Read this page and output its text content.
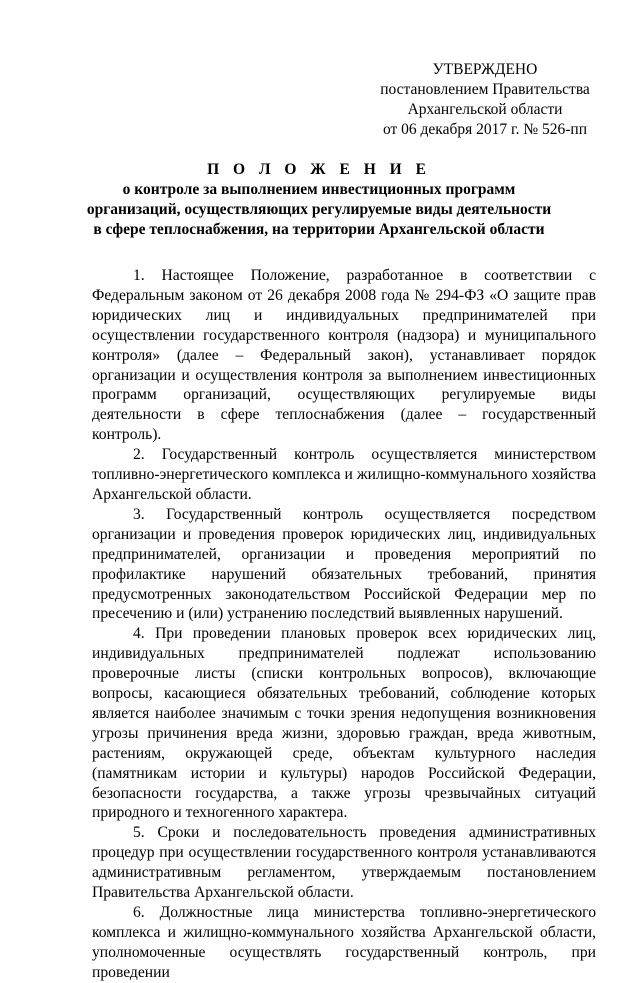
УТВЕРЖДЕНО
постановлением Правительства
Архангельской области
от 06 декабря 2017 г. № 526-пп
П О Л О Ж Е Н И Е
о контроле за выполнением инвестиционных программ
организаций, осуществляющих регулируемые виды деятельности
в сфере теплоснабжения, на территории Архангельской области

1. Настоящее Положение, разработанное в соответствии с Федеральным законом от 26 декабря 2008 года № 294-ФЗ «О защите прав юридических лиц и индивидуальных предпринимателей при осуществлении государственного контроля (надзора) и муниципального контроля» (далее – Федеральный закон), устанавливает порядок организации и осуществления контроля за выполнением инвестиционных программ организаций, осуществляющих регулируемые виды деятельности в сфере теплоснабжения (далее – государственный контроль).

2. Государственный контроль осуществляется министерством топливно-энергетического комплекса и жилищно-коммунального хозяйства Архангельской области.

3. Государственный контроль осуществляется посредством организации и проведения проверок юридических лиц, индивидуальных предпринимателей, организации и проведения мероприятий по профилактике нарушений обязательных требований, принятия предусмотренных законодательством Российской Федерации мер по пресечению и (или) устранению последствий выявленных нарушений.

4. При проведении плановых проверок всех юридических лиц, индивидуальных предпринимателей подлежат использованию проверочные листы (списки контрольных вопросов), включающие вопросы, касающиеся обязательных требований, соблюдение которых является наиболее значимым с точки зрения недопущения возникновения угрозы причинения вреда жизни, здоровью граждан, вреда животным, растениям, окружающей среде, объектам культурного наследия (памятникам истории и культуры) народов Российской Федерации, безопасности государства, а также угрозы чрезвычайных ситуаций природного и техногенного характера.

5. Сроки и последовательность проведения административных процедур при осуществлении государственного контроля устанавливаются административным регламентом, утверждаемым постановлением Правительства Архангельской области.

6. Должностные лица министерства топливно-энергетического комплекса и жилищно-коммунального хозяйства Архангельской области, уполномоченные осуществлять государственный контроль, при проведении
